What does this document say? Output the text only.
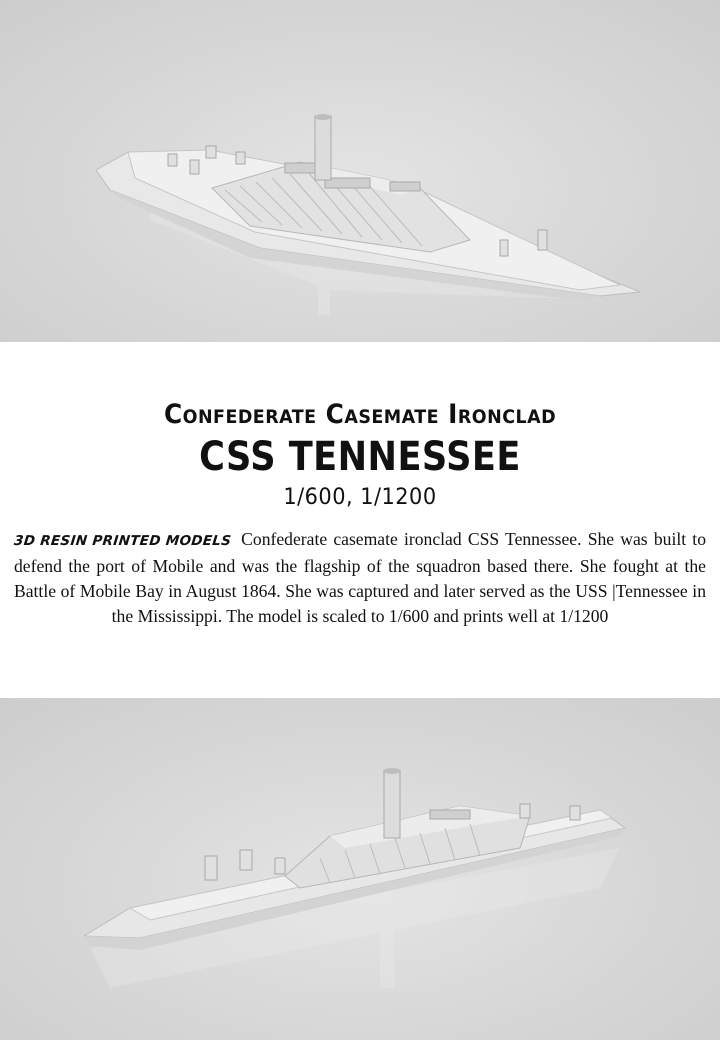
Confederate Casemate Ironclad
CSS TENNESSEE
1/600, 1/1200

3D RESIN PRINTED MODELS Confederate casemate ironclad CSS Tennessee. She was built to defend the port of Mobile and was the flagship of the squadron based there. She fought at the Battle of Mobile Bay in August 1864. She was captured and later served as the USS |Tennessee in the Mississippi. The model is scaled to 1/600 and prints well at 1/1200
